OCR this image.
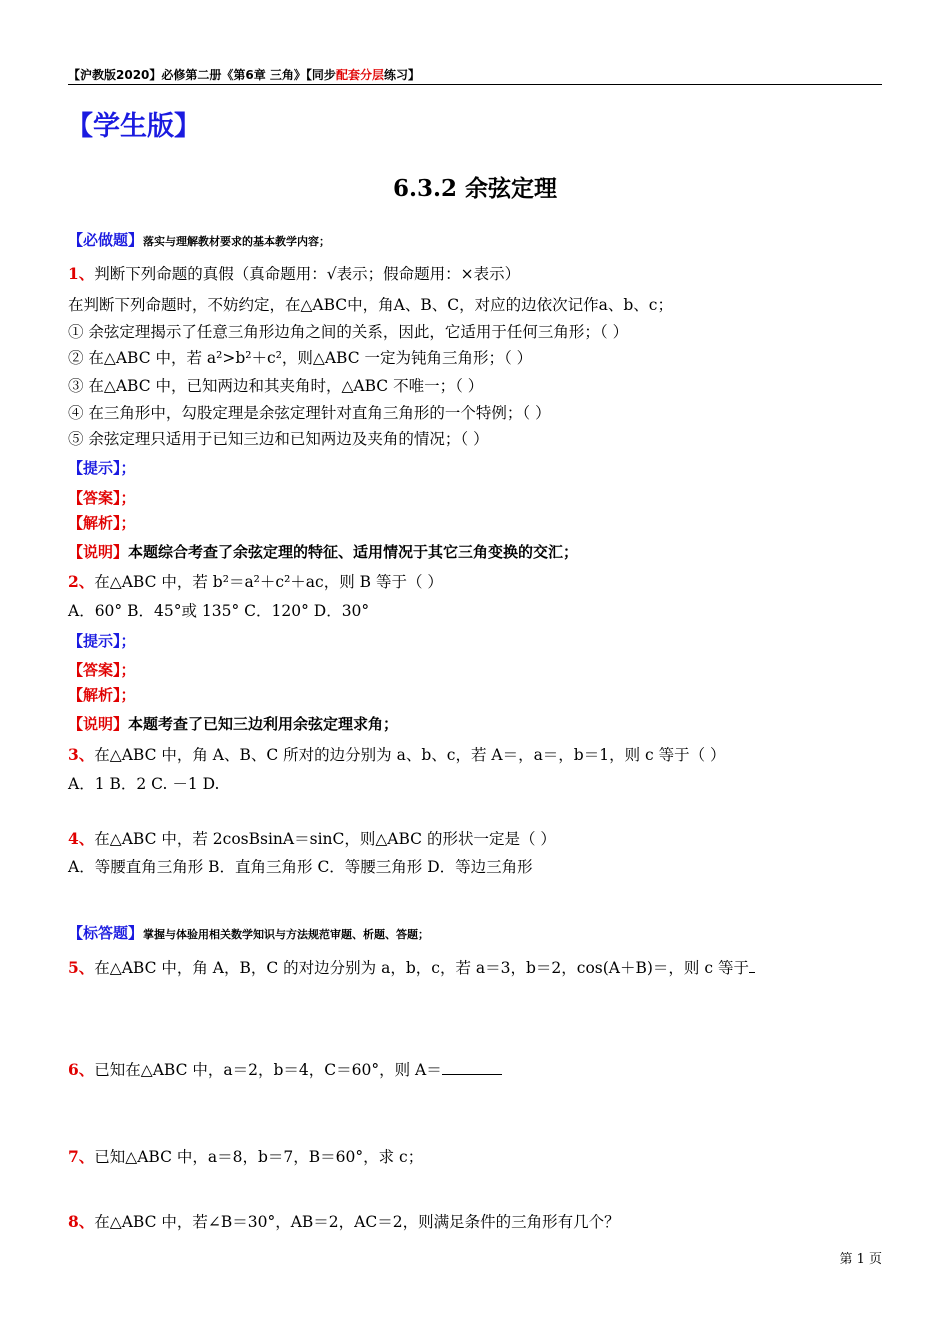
【沪教版2020】必修第二册《第6章 三角》【同步配套分层练习】
【学生版】
6.3.2 余弦定理
【必做题】落实与理解教材要求的基本教学内容；
1、判断下列命题的真假（真命题用：√表示；假命题用：×表示）
在判断下列命题时，不妨约定，在△ABC中，角A、B、C，对应的边依次记作a、b、c；
① 余弦定理揭示了任意三角形边角之间的关系，因此，它适用于任何三角形；（ ）
② 在△ABC 中，若 a²>b²＋c²，则△ABC 一定为钝角三角形；（ ）
③ 在△ABC 中，已知两边和其夹角时，△ABC 不唯一；（ ）
④ 在三角形中，勾股定理是余弦定理针对直角三角形的一个特例；（ ）
⑤ 余弦定理只适用于已知三边和已知两边及夹角的情况；（ ）
【提示】；
【答案】；
【解析】；
【说明】本题综合考查了余弦定理的特征、适用情况于其它三角变换的交汇；
2、在△ABC 中，若 b²＝a²＋c²＋ac，则 B 等于（ ）
A．60° B．45°或 135° C．120° D．30°
【提示】；
【答案】；
【解析】；
【说明】本题考查了已知三边利用余弦定理求角；
3、在△ABC 中，角 A、B、C 所对的边分别为 a、b、c，若 A＝，a＝，b＝1，则 c 等于（ ）
A．1 B．2 C. －1 D.
4、在△ABC 中，若 2cosBsinA＝sinC，则△ABC 的形状一定是（ ）
A．等腰直角三角形 B．直角三角形 C．等腰三角形 D．等边三角形
【标答题】掌握与体验用相关数学知识与方法规范审题、析题、答题；
5、在△ABC 中，角 A，B，C 的对边分别为 a，b，c，若 a＝3，b＝2，cos(A＋B)＝，则 c 等于
6、已知在△ABC 中，a＝2，b＝4，C＝60°，则 A＝
7、已知△ABC 中，a＝8，b＝7，B＝60°，求 c；
8、在△ABC 中，若∠B＝30°，AB＝2，AC＝2，则满足条件的三角形有几个？
第 1 页
